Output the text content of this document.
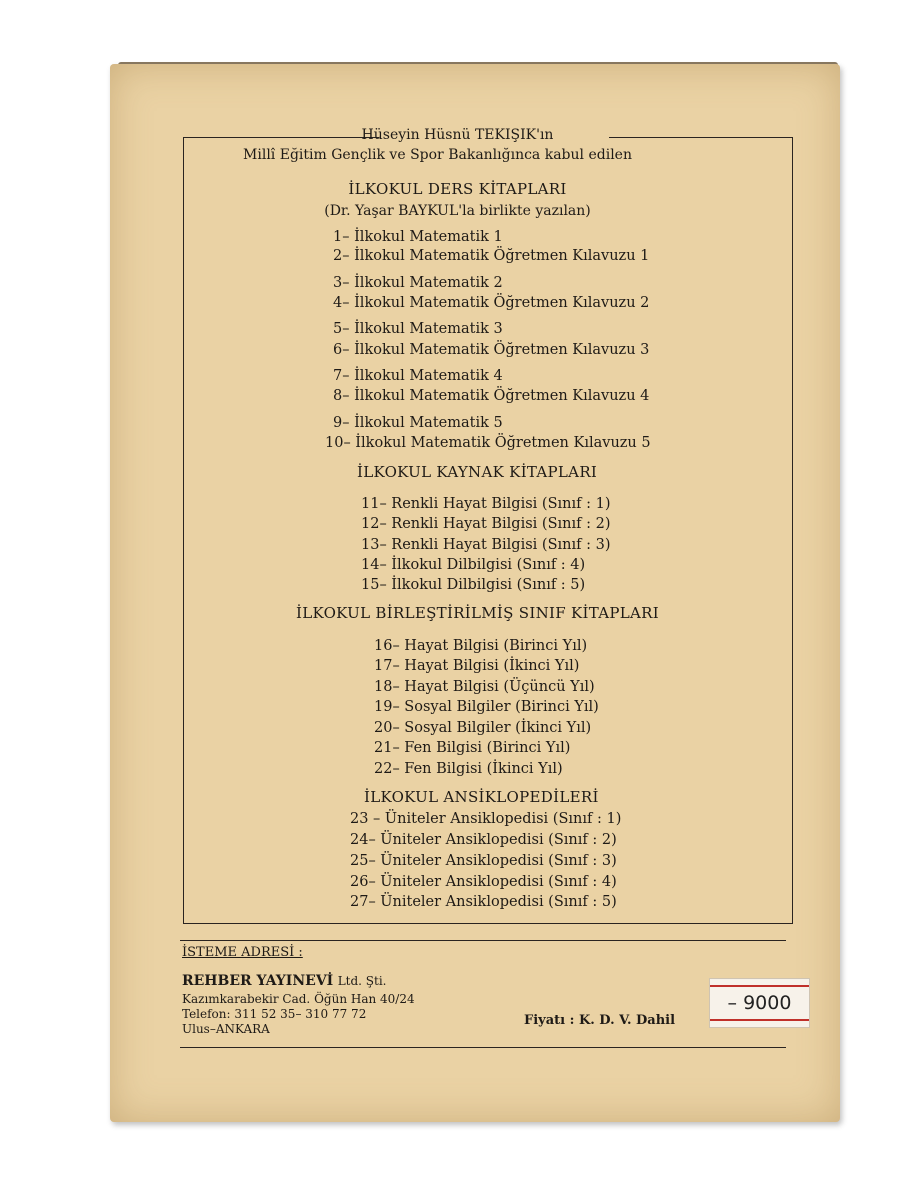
Hüseyin Hüsnü TEKIŞIK'ın
Millî Eğitim Gençlik ve Spor Bakanlığınca kabul edilen
İLKOKUL DERS KİTAPLARI
(Dr. Yaşar BAYKUL'la birlikte yazılan)
1– İlkokul Matematik 1
2– İlkokul Matematik Öğretmen Kılavuzu 1
3– İlkokul Matematik 2
4– İlkokul Matematik Öğretmen Kılavuzu 2
5– İlkokul Matematik 3
6– İlkokul Matematik Öğretmen Kılavuzu 3
7– İlkokul Matematik 4
8– İlkokul Matematik Öğretmen Kılavuzu 4
9– İlkokul Matematik 5
10– İlkokul Matematik Öğretmen Kılavuzu 5
İLKOKUL KAYNAK KİTAPLARI
11– Renkli Hayat Bilgisi (Sınıf : 1)
12– Renkli Hayat Bilgisi (Sınıf : 2)
13– Renkli Hayat Bilgisi (Sınıf : 3)
14– İlkokul Dilbilgisi (Sınıf : 4)
15– İlkokul Dilbilgisi (Sınıf : 5)
İLKOKUL BİRLEŞTİRİLMİŞ SINIF KİTAPLARI
16– Hayat Bilgisi (Birinci Yıl)
17– Hayat Bilgisi (İkinci Yıl)
18– Hayat Bilgisi (Üçüncü Yıl)
19– Sosyal Bilgiler (Birinci Yıl)
20– Sosyal Bilgiler (İkinci Yıl)
21– Fen Bilgisi (Birinci Yıl)
22– Fen Bilgisi (İkinci Yıl)
İLKOKUL ANSİKLOPEDİLERİ
23 – Üniteler Ansiklopedisi (Sınıf : 1)
24– Üniteler Ansiklopedisi (Sınıf : 2)
25– Üniteler Ansiklopedisi (Sınıf : 3)
26– Üniteler Ansiklopedisi (Sınıf : 4)
27– Üniteler Ansiklopedisi (Sınıf : 5)
İSTEME ADRESİ :
REHBER YAYINEVİ Ltd. Şti.
Kazımkarabekir Cad. Öğün Han 40/24
Telefon: 311 52 35– 310 77 72
Ulus–ANKARA
Fiyatı : K. D. V. Dahil
– 9000
